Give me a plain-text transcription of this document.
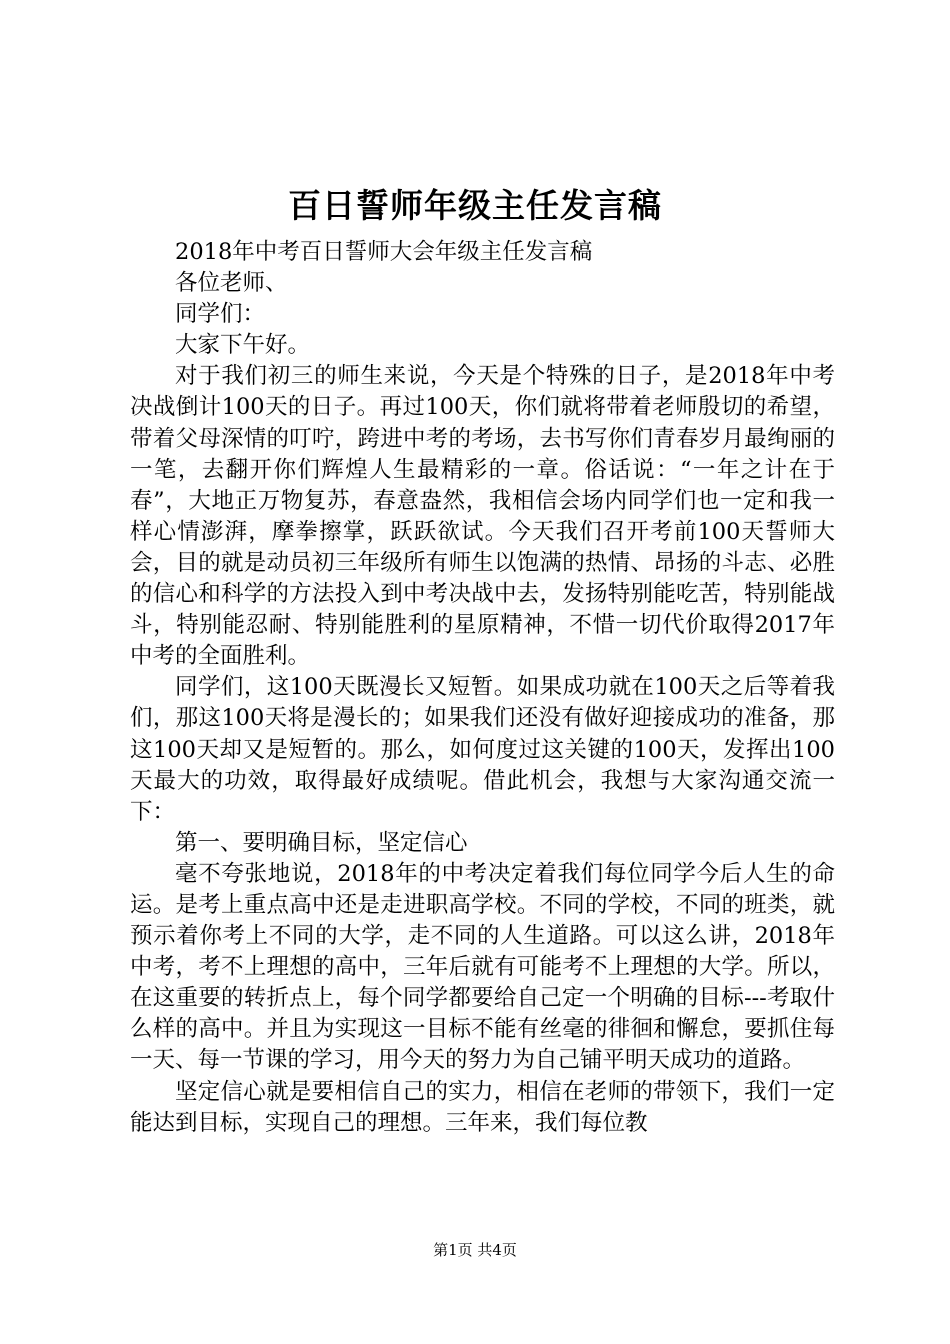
百日誓师年级主任发言稿

2018年中考百日誓师大会年级主任发言稿

各位老师、

同学们：

大家下午好。

对于我们初三的师生来说，今天是个特殊的日子，是2018年中考决战倒计100天的日子。再过100天，你们就将带着老师殷切的希望，带着父母深情的叮咛，跨进中考的考场，去书写你们青春岁月最绚丽的一笔，去翻开你们辉煌人生最精彩的一章。俗话说：“一年之计在于春”，大地正万物复苏，春意盎然，我相信会场内同学们也一定和我一样心情澎湃，摩拳擦掌，跃跃欲试。今天我们召开考前100天誓师大会，目的就是动员初三年级所有师生以饱满的热情、昂扬的斗志、必胜的信心和科学的方法投入到中考决战中去，发扬特别能吃苦，特别能战斗，特别能忍耐、特别能胜利的星原精神，不惜一切代价取得2017年中考的全面胜利。

同学们，这100天既漫长又短暂。如果成功就在100天之后等着我们，那这100天将是漫长的；如果我们还没有做好迎接成功的准备，那这100天却又是短暂的。那么，如何度过这关键的100天，发挥出100天最大的功效，取得最好成绩呢。借此机会，我想与大家沟通交流一下：

第一、要明确目标，坚定信心

毫不夸张地说，2018年的中考决定着我们每位同学今后人生的命运。是考上重点高中还是走进职高学校。不同的学校，不同的班类，就预示着你考上不同的大学，走不同的人生道路。可以这么讲，2018年中考，考不上理想的高中，三年后就有可能考不上理想的大学。所以，在这重要的转折点上，每个同学都要给自己定一个明确的目标---考取什么样的高中。并且为实现这一目标不能有丝毫的徘徊和懈怠，要抓住每一天、每一节课的学习，用今天的努力为自己铺平明天成功的道路。

坚定信心就是要相信自己的实力，相信在老师的带领下，我们一定能达到目标，实现自己的理想。三年来，我们每位教

第1页 共4页
